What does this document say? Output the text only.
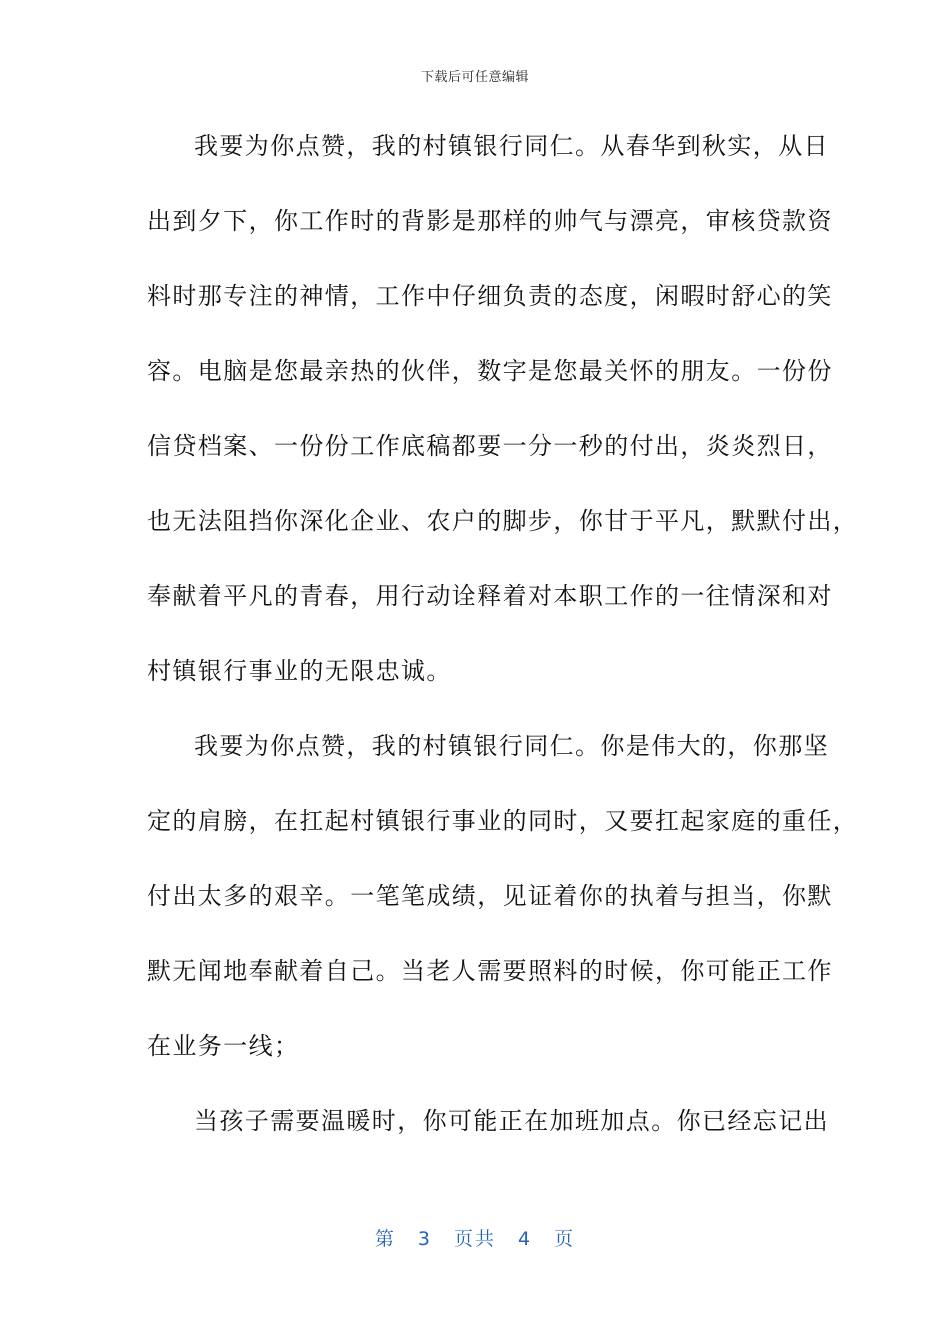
下载后可任意编辑
我要为你点赞，我的村镇银行同仁。从春华到秋实，从日
出到夕下，你工作时的背影是那样的帅气与漂亮，审核贷款资
料时那专注的神情，工作中仔细负责的态度，闲暇时舒心的笑
容。电脑是您最亲热的伙伴，数字是您最关怀的朋友。一份份
信贷档案、一份份工作底稿都要一分一秒的付出，炎炎烈日，
也无法阻挡你深化企业、农户的脚步，你甘于平凡，默默付出，
奉献着平凡的青春，用行动诠释着对本职工作的一往情深和对
村镇银行事业的无限忠诚。
我要为你点赞，我的村镇银行同仁。你是伟大的，你那坚
定的肩膀，在扛起村镇银行事业的同时，又要扛起家庭的重任，
付出太多的艰辛。一笔笔成绩，见证着你的执着与担当，你默
默无闻地奉献着自己。当老人需要照料的时候，你可能正工作
在业务一线；
当孩子需要温暖时，你可能正在加班加点。你已经忘记出
第 3 页共 4 页
